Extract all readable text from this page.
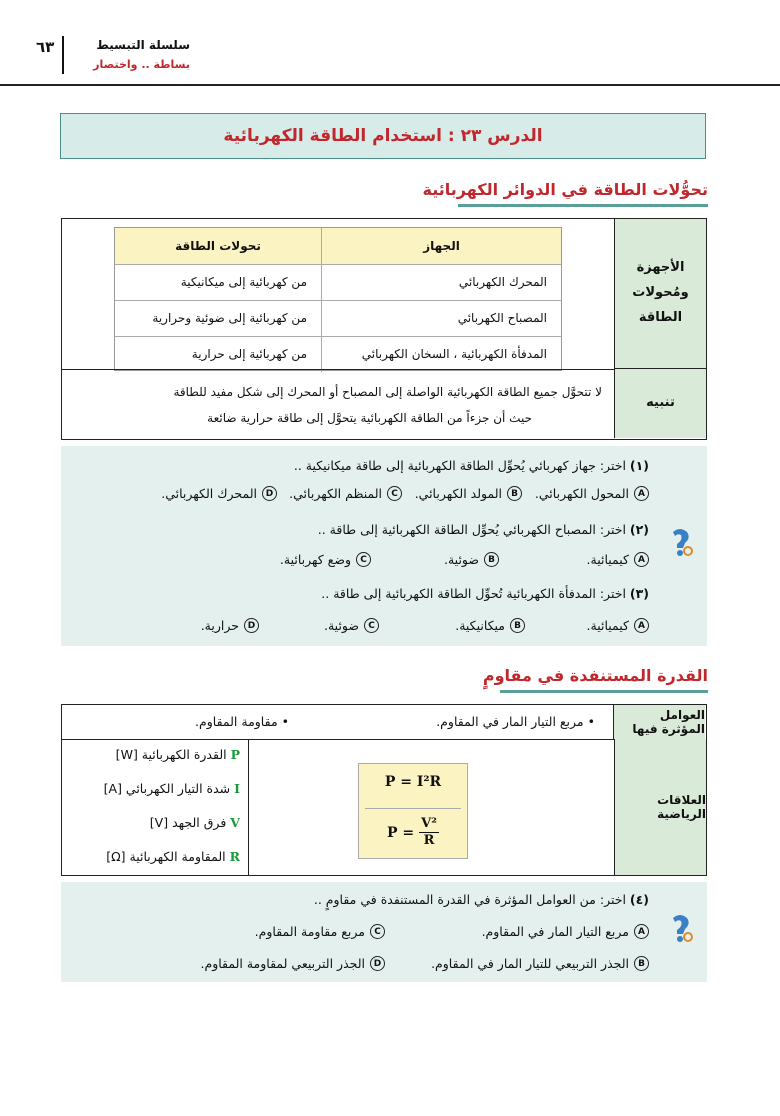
٦٣	سلسلة التبسيط
بساطة .. واختصار
الدرس ٢٣ : استخدام الطاقة الكهربائية
تحوُّلات الطاقة في الدوائر الكهربائية
الأجهزة ومُحولات الطاقة
الجهاز
تحولات الطاقة
المحرك الكهربائي
من كهربائية إلى ميكانيكية
المصباح الكهربائي
من كهربائية إلى ضوئية وحرارية
المدفأة الكهربائية ، السخان الكهربائي
من كهربائية إلى حرارية
تنبيه
لا تتحوَّل جميع الطاقة الكهربائية الواصلة إلى المصباح أو المحرك إلى شكل مفيد للطاقة
حيث أن جزءاً من الطاقة الكهربائية يتحوَّل إلى طاقة حرارية ضائعة
(١) اختر: جهاز كهربائي يُحوِّل الطاقة الكهربائية إلى طاقة ميكانيكية ..
A
المحول الكهربائي.
B
المولد الكهربائي.
C
المنظم الكهربائي.
D
المحرك الكهربائي.
(٢) اختر: المصباح الكهربائي يُحوِّل الطاقة الكهربائية إلى طاقة ..
A
كيميائية.
B
ضوئية.
C
وضع كهربائية.
(٣) اختر: المدفأة الكهربائية تُحوِّل الطاقة الكهربائية إلى طاقة ..
A
كيميائية.
B
ميكانيكية.
C
ضوئية.
D
حرارية.
القدرة المستنفدة في مقاومٍ
العوامل المؤثرة فيها
• مربع التيار المار في المقاوم.
• مقاومة المقاوم.
العلاقات الرياضية
P = I²R
$P = \frac{\text{V²}}{R}$
P القدرة الكهربائية [W]
I شدة التيار الكهربائي [A]
V فرق الجهد [V]
R المقاومة الكهربائية [Ω]
(٤) اختر: من العوامل المؤثرة في القدرة المستنفدة في مقاومٍ ..
A
مربع التيار المار في المقاوم.
C
مربع مقاومة المقاوم.
B
الجذر التربيعي للتيار المار في المقاوم.
D
الجذر التربيعي لمقاومة المقاوم.
